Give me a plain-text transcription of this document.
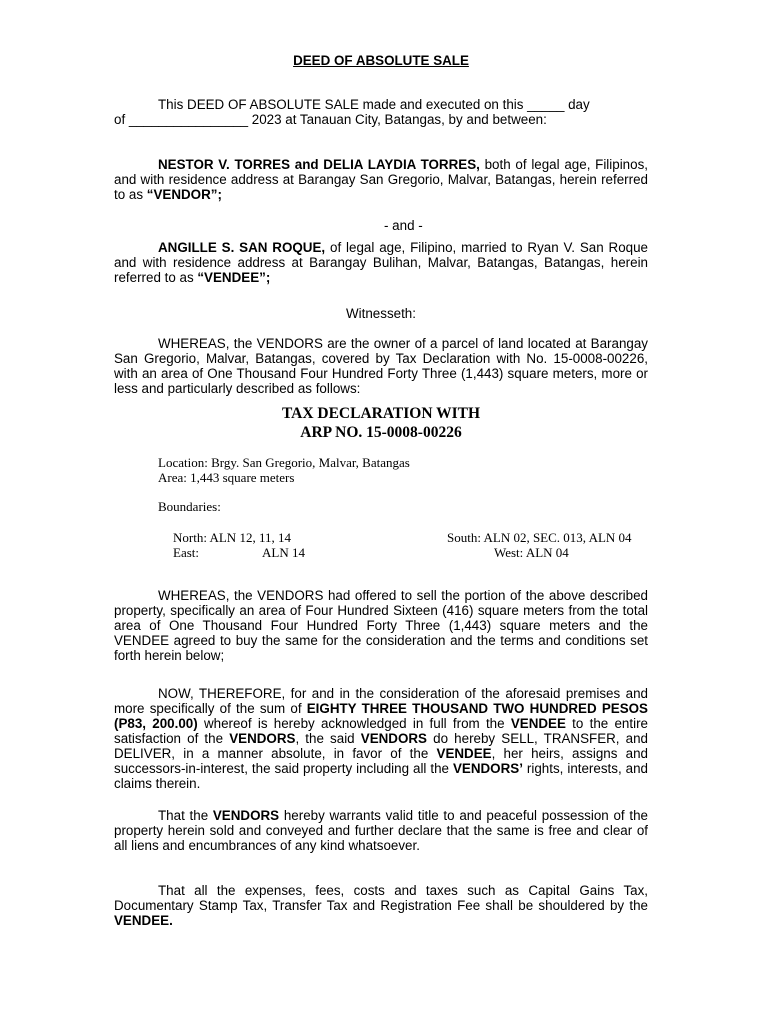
DEED OF ABSOLUTE SALE
This DEED OF ABSOLUTE SALE made and executed on this _____ day
of ________________ 2023 at Tanauan City, Batangas, by and between:
NESTOR V. TORRES and DELIA LAYDIA TORRES, both of legal age, Filipinos, and with residence address at Barangay San Gregorio, Malvar, Batangas, herein referred to as “VENDOR”;
- and -
ANGILLE S. SAN ROQUE, of legal age, Filipino, married to Ryan V. San Roque and with residence address at Barangay Bulihan, Malvar, Batangas, Batangas, herein referred to as “VENDEE”;
Witnesseth:
WHEREAS, the VENDORS are the owner of a parcel of land located at Barangay San Gregorio, Malvar, Batangas, covered by Tax Declaration with No. 15-0008-00226, with an area of One Thousand Four Hundred Forty Three (1,443) square meters, more or less and particularly described as follows:
TAX DECLARATION WITH
ARP NO. 15-0008-00226
Location: Brgy. San Gregorio, Malvar, Batangas
Area: 1,443 square meters
Boundaries:
North: ALN 12, 11, 14	South: ALN 02, SEC. 013, ALN 04
East:	ALN 14	West: ALN 04
WHEREAS, the VENDORS had offered to sell the portion of the above described property, specifically an area of Four Hundred Sixteen (416) square meters from the total area of One Thousand Four Hundred Forty Three (1,443) square meters and the VENDEE agreed to buy the same for the consideration and the terms and conditions set forth herein below;
NOW, THEREFORE, for and in the consideration of the aforesaid premises and more specifically of the sum of EIGHTY THREE THOUSAND TWO HUNDRED PESOS (P83, 200.00) whereof is hereby acknowledged in full from the VENDEE to the entire satisfaction of the VENDORS, the said VENDORS do hereby SELL, TRANSFER, and DELIVER, in a manner absolute, in favor of the VENDEE, her heirs, assigns and successors-in-interest, the said property including all the VENDORS’ rights, interests, and claims therein.
That the VENDORS hereby warrants valid title to and peaceful possession of the property herein sold and conveyed and further declare that the same is free and clear of all liens and encumbrances of any kind whatsoever.
That all the expenses, fees, costs and taxes such as Capital Gains Tax, Documentary Stamp Tax, Transfer Tax and Registration Fee shall be shouldered by the VENDEE.
